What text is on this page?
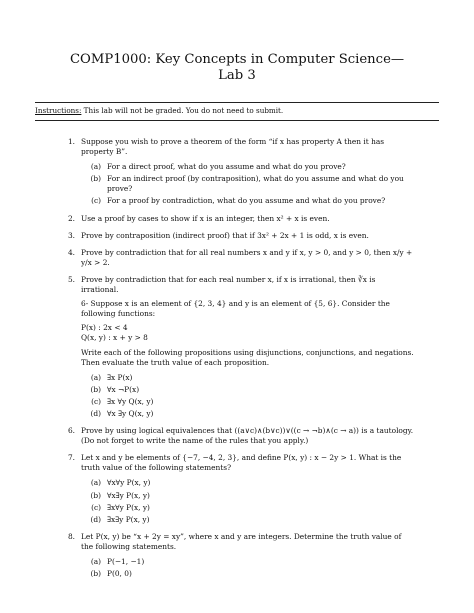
COMP1000: Key Concepts in Computer Science—Lab 3
Instructions: This lab will not be graded. You do not need to submit.
1. Suppose you wish to prove a theorem of the form “if x has property A then it has property B”.
(a) For a direct proof, what do you assume and what do you prove?
(b) For an indirect proof (by contraposition), what do you assume and what do you prove?
(c) For a proof by contradiction, what do you assume and what do you prove?
2. Use a proof by cases to show if x is an integer, then x² + x is even.
3. Prove by contraposition (indirect proof) that if 3x² + 2x + 1 is odd, x is even.
4. Prove by contradiction that for all real numbers x and y if x, y > 0, and y > 0, then x/y + y/x > 2.
5. Prove by contradiction that for each real number x, if x is irrational, then ∛x is irrational.
6- Suppose x is an element of {2, 3, 4} and y is an element of {5, 6}. Consider the following functions:
P(x) : 2x < 4
Q(x, y) : x + y > 8
Write each of the following propositions using disjunctions, conjunctions, and negations. Then evaluate the truth value of each proposition.
(a) ∃x P(x)
(b) ∀x ¬P(x)
(c) ∃x ∀y Q(x, y)
(d) ∀x ∃y Q(x, y)
6. Prove by using logical equivalences that ((a∨c)∧(b∨c))∨((c → ¬b)∧(c → a)) is a tautology. (Do not forget to write the name of the rules that you apply.)
7. Let x and y be elements of {−7, −4, 2, 3}, and define P(x, y) : x − 2y > 1. What is the truth value of the following statements?
(a) ∀x∀y P(x, y)
(b) ∀x∃y P(x, y)
(c) ∃x∀y P(x, y)
(d) ∃x∃y P(x, y)
8. Let P(x, y) be “x + 2y = xy”, where x and y are integers. Determine the truth value of the following statements.
(a) P(−1, −1)
(b) P(0, 0)
